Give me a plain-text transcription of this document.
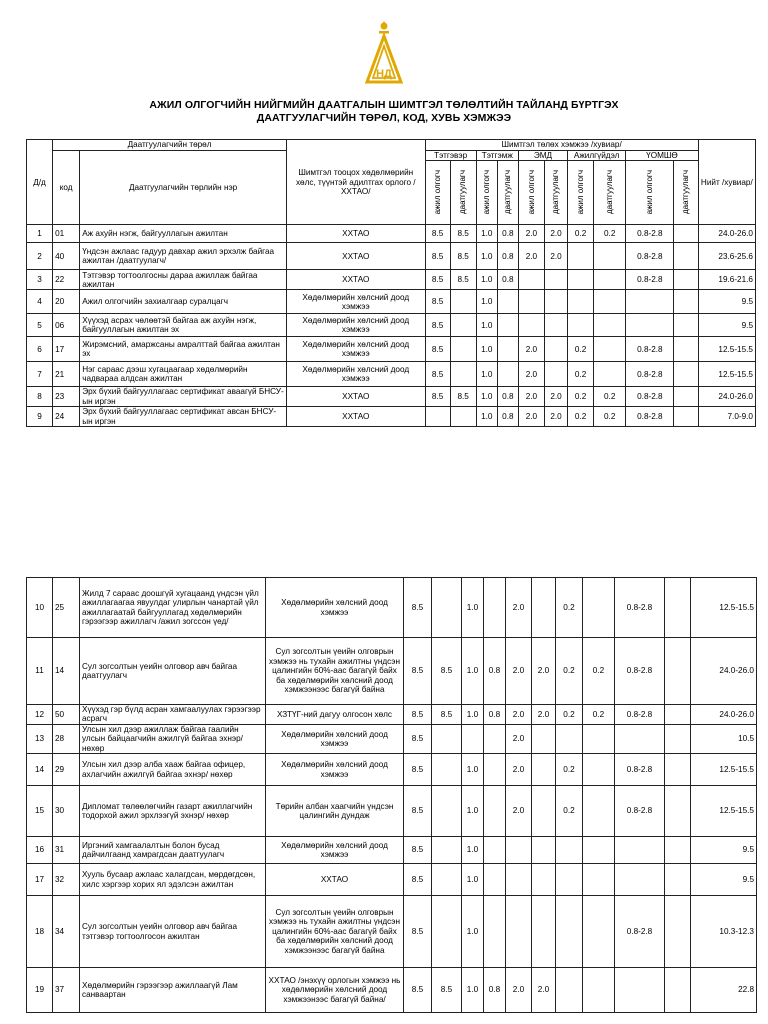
НД
АЖИЛ ОЛГОГЧИЙН НИЙГМИЙН ДААТГАЛЫН ШИМТГЭЛ ТӨЛӨЛТИЙН ТАЙЛАНД БҮРТГЭХ
ДААТГУУЛАГЧИЙН ТӨРӨЛ, КОД, ХУВЬ ХЭМЖЭЭ
Д/д	Даатгуулагчийн төрөл		Шимтгэл тооцох хөдөлмөрийн хөлс, түүнтэй адилтгах орлого /ХХТАО/	Шимтгэл төлөх хэмжээ /хувиар/										Нийт /хувиар/
	код	Даатгуулагчийн төрлийн нэр		Тэтгэвэр		Тэтгэмж		ЭМД		Ажилгүйдэл		ҮОМШӨ		
				ажил олгогч	даатгуулагч	ажил олгогч	даатгуулагч	ажил олгогч	даатгуулагч	ажил олгогч	даатгуулагч	ажил олгогч	даатгуулагч	
1	01	Аж ахуйн нэгж, байгууллагын ажилтан	ХХТАО	8.5	8.5	1.0	0.8	2.0	2.0	0.2	0.2	0.8-2.8		24.0-26.0
2	40	Үндсэн ажлаас гадуур давхар ажил эрхэлж байгаа ажилтан /даатгуулагч/	ХХТАО	8.5	8.5	1.0	0.8	2.0	2.0			0.8-2.8		23.6-25.6
3	22	Тэтгэвэр тогтоолгосны дараа ажиллаж байгаа ажилтан	ХХТАО	8.5	8.5	1.0	0.8					0.8-2.8		19.6-21.6
4	20	Ажил олгогчийн захиалгаар суралцагч	Хөдөлмөрийн хөлсний доод хэмжээ	8.5		1.0								9.5
5	06	Хүүхэд асрах чөлөөтэй байгаа аж ахуйн нэгж, байгууллагын ажилтан эх	Хөдөлмөрийн хөлсний доод хэмжээ	8.5		1.0								9.5
6	17	Жирэмсний, амаржсаны амралттай байгаа ажилтан эх	Хөдөлмөрийн хөлсний доод хэмжээ	8.5		1.0		2.0		0.2		0.8-2.8		12.5-15.5
7	21	Нэг сараас дээш хугацаагаар хөдөлмөрийн чадвараа алдсан ажилтан	Хөдөлмөрийн хөлсний доод хэмжээ	8.5		1.0		2.0		0.2		0.8-2.8		12.5-15.5
8	23	Эрх бүхий байгууллагаас сертификат аваагүй БНСУ-ын иргэн	ХХТАО	8.5	8.5	1.0	0.8	2.0	2.0	0.2	0.2	0.8-2.8		24.0-26.0
9	24	Эрх бүхий байгууллагаас сертификат авсан БНСУ-ын иргэн	ХХТАО			1.0	0.8	2.0	2.0	0.2	0.2	0.8-2.8		7.0-9.0
10	25	Жилд 7 сараас доошгүй хугацаанд үндсэн үйл ажиллагаагаа явуулдаг улирлын чанартай үйл ажиллагаатай байгууллагад хөдөлмөрийн гэрээгээр ажиллагч /ажил зогссон үед/	Хөдөлмөрийн хөлсний доод хэмжээ	8.5		1.0		2.0		0.2		0.8-2.8		12.5-15.5
11	14	Сул зогсолтын үеийн олговор авч байгаа даатгуулагч	Сул зогсолтын үеийн олговрын хэмжээ нь тухайн ажилтны үндсэн цалингийн 60%-аас багагүй байх ба хөдөлмөрийн хөлсний доод хэмжээнээс багагүй байна	8.5	8.5	1.0	0.8	2.0	2.0	0.2	0.2	0.8-2.8		24.0-26.0
12	50	Хүүхэд гэр бүлд асран хамгаалуулах гэрээгээр асрагч	ХЗТҮГ-ний дагуу олгосон хөлс	8.5	8.5	1.0	0.8	2.0	2.0	0.2	0.2	0.8-2.8		24.0-26.0
13	28	Улсын хил дээр ажиллаж байгаа гаалийн улсын байцаагчийн ажилгүй байгаа эхнэр/ нөхөр	Хөдөлмөрийн хөлсний доод хэмжээ	8.5				2.0						10.5
14	29	Улсын хил дээр алба хааж байгаа офицер, ахлагчийн ажилгүй байгаа эхнэр/ нөхөр	Хөдөлмөрийн хөлсний доод хэмжээ	8.5		1.0		2.0		0.2		0.8-2.8		12.5-15.5
15	30	Дипломат төлөөлөгчийн газарт ажиллагчийн тодорхой ажил эрхлээгүй эхнэр/ нөхөр	Төрийн албан хаагчийн үндсэн цалингийн дундаж	8.5		1.0		2.0		0.2		0.8-2.8		12.5-15.5
16	31	Иргэний хамгаалалтын болон бусад дайчилгаанд хамрагдсан даатгуулагч	Хөдөлмөрийн хөлсний доод хэмжээ	8.5		1.0								9.5
17	32	Хууль бусаар ажлаас халагдсан, мөрдөгдсөн, хилс хэргээр хорих ял эдэлсэн ажилтан	ХХТАО	8.5		1.0								9.5
18	34	Сул зогсолтын үеийн олговор авч байгаа тэтгэвэр тогтоолгосон ажилтан	Сул зогсолтын үеийн олговрын хэмжээ нь тухайн ажилтны үндсэн цалингийн 60%-аас багагүй байх ба хөдөлмөрийн хөлсний доод хэмжээнээс багагүй байна	8.5		1.0						0.8-2.8		10.3-12.3
19	37	Хөдөлмөрийн гэрээгээр ажиллаагүй Лам санваартан	ХХТАО /энэхүү орлогын хэмжээ нь хөдөлмөрийн хөлсний доод хэмжээнээс багагүй байна/	8.5	8.5	1.0	0.8	2.0	2.0					22.8
